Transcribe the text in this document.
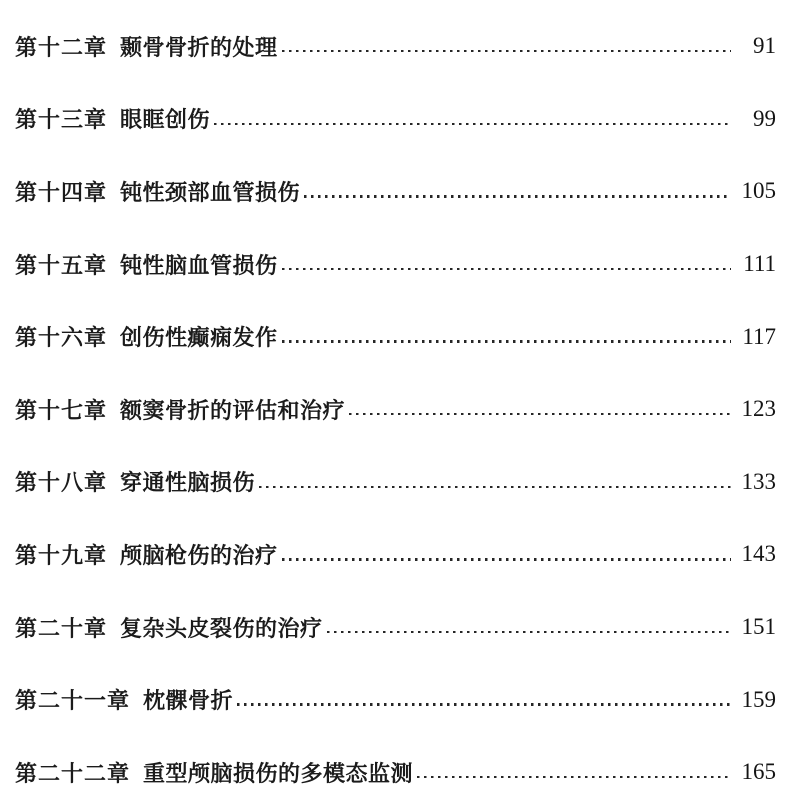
第十二章 颞骨骨折的处理	91
第十三章 眼眶创伤	99
第十四章 钝性颈部血管损伤	105
第十五章 钝性脑血管损伤	111
第十六章 创伤性癫痫发作	117
第十七章 额窦骨折的评估和治疗	123
第十八章 穿通性脑损伤	133
第十九章 颅脑枪伤的治疗	143
第二十章 复杂头皮裂伤的治疗	151
第二十一章 枕髁骨折	159
第二十二章 重型颅脑损伤的多模态监测	165
